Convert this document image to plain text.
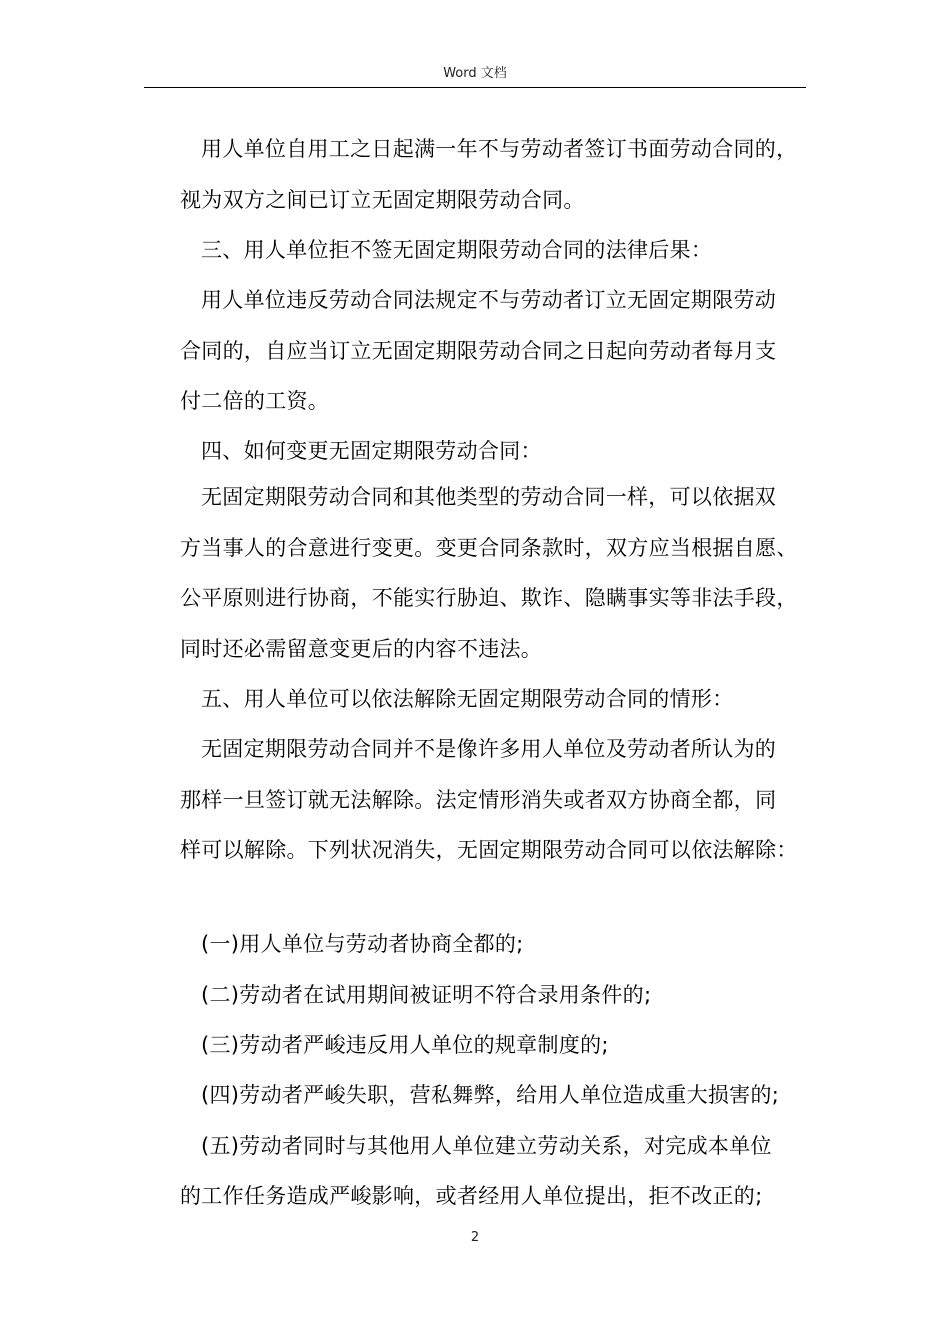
Word 文档
用人单位自用工之日起满一年不与劳动者签订书面劳动合同的，
视为双方之间已订立无固定期限劳动合同。
三、用人单位拒不签无固定期限劳动合同的法律后果：
用人单位违反劳动合同法规定不与劳动者订立无固定期限劳动
合同的，自应当订立无固定期限劳动合同之日起向劳动者每月支
付二倍的工资。
四、如何变更无固定期限劳动合同：
无固定期限劳动合同和其他类型的劳动合同一样，可以依据双
方当事人的合意进行变更。变更合同条款时，双方应当根据自愿、
公平原则进行协商，不能实行胁迫、欺诈、隐瞒事实等非法手段，
同时还必需留意变更后的内容不违法。
五、用人单位可以依法解除无固定期限劳动合同的情形：
无固定期限劳动合同并不是像许多用人单位及劳动者所认为的
那样一旦签订就无法解除。法定情形消失或者双方协商全都，同
样可以解除。下列状况消失，无固定期限劳动合同可以依法解除：
(一)用人单位与劳动者协商全都的;
(二)劳动者在试用期间被证明不符合录用条件的;
(三)劳动者严峻违反用人单位的规章制度的;
(四)劳动者严峻失职，营私舞弊，给用人单位造成重大损害的;
(五)劳动者同时与其他用人单位建立劳动关系，对完成本单位
的工作任务造成严峻影响，或者经用人单位提出，拒不改正的;
2
